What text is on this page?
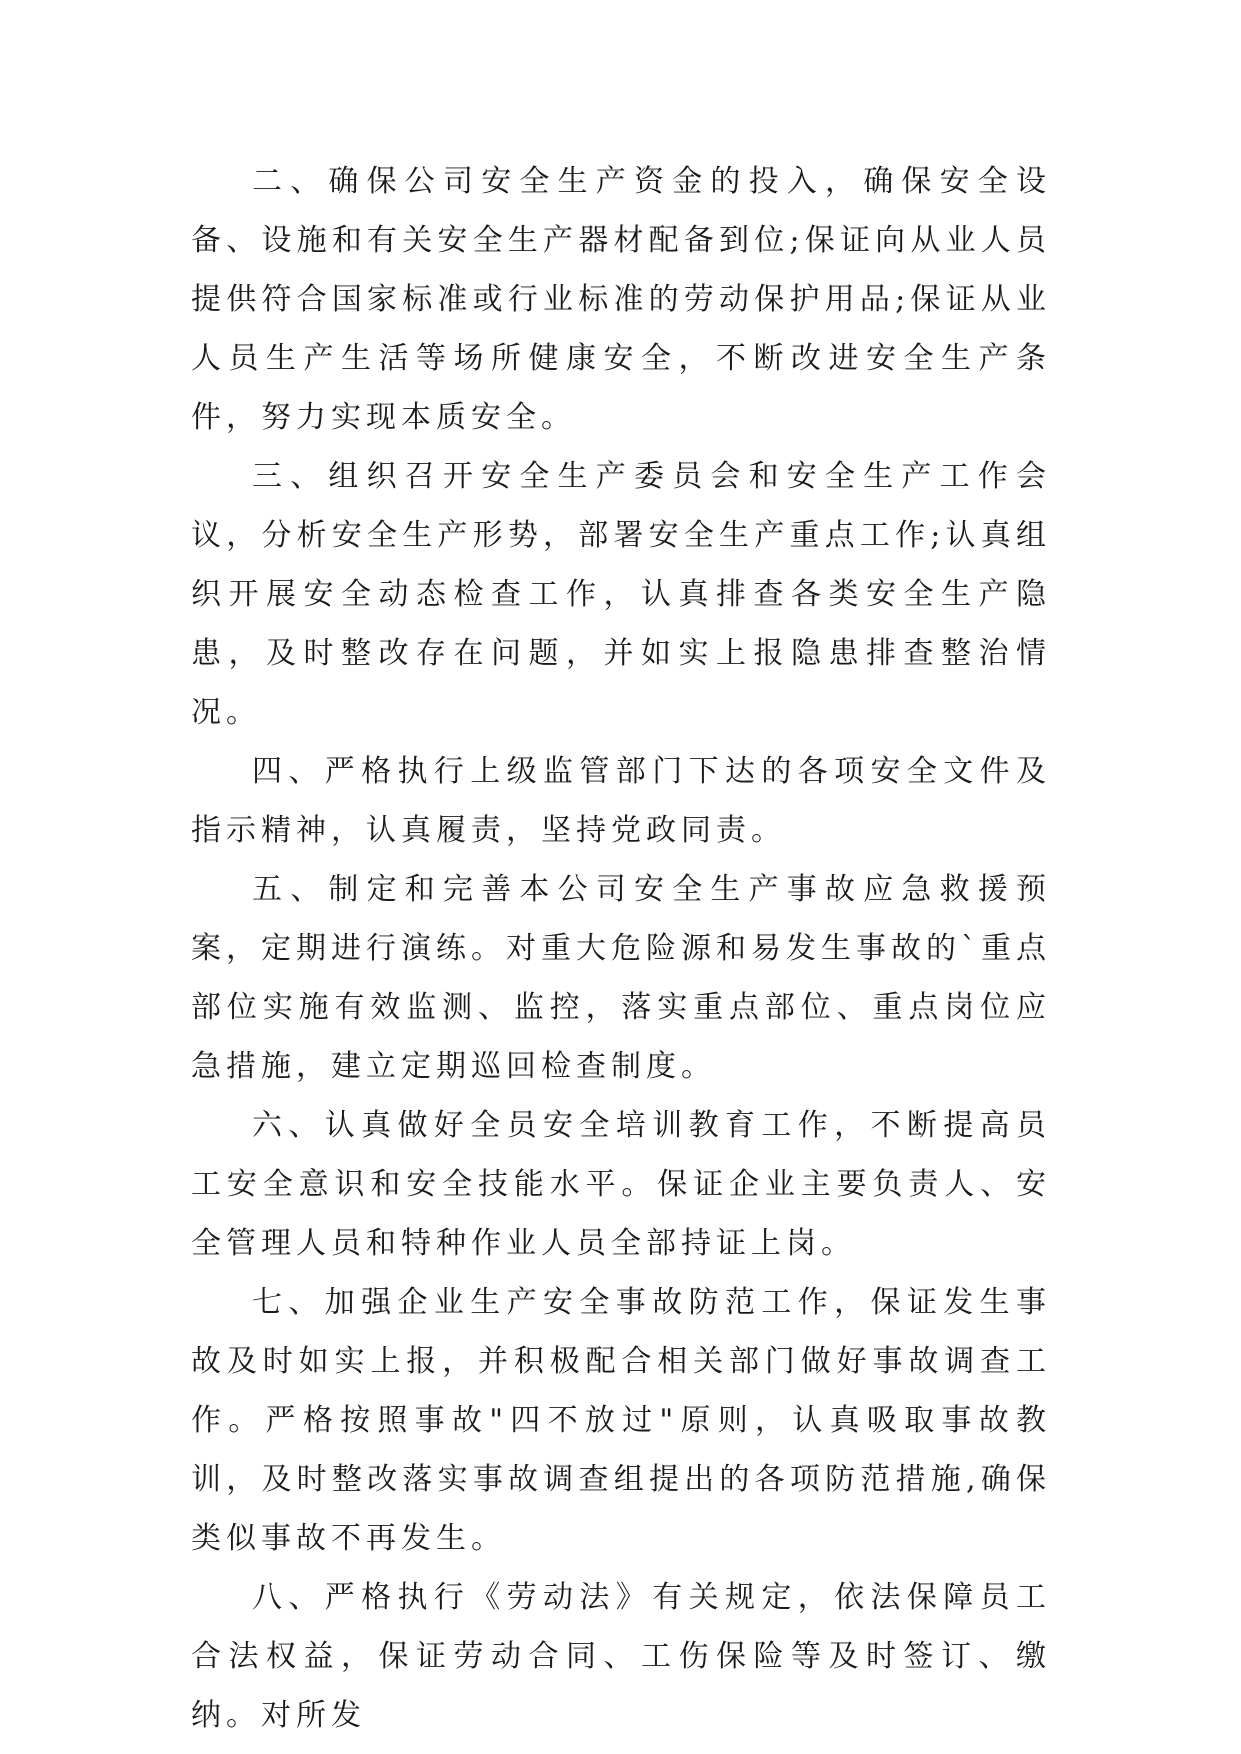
二、确保公司安全生产资金的投入，确保安全设备、设施和有关安全生产器材配备到位;保证向从业人员提供符合国家标准或行业标准的劳动保护用品;保证从业人员生产生活等场所健康安全，不断改进安全生产条件，努力实现本质安全。

三、组织召开安全生产委员会和安全生产工作会议，分析安全生产形势，部署安全生产重点工作;认真组织开展安全动态检查工作，认真排查各类安全生产隐患，及时整改存在问题，并如实上报隐患排查整治情况。

四、严格执行上级监管部门下达的各项安全文件及指示精神，认真履责，坚持党政同责。

五、制定和完善本公司安全生产事故应急救援预案，定期进行演练。对重大危险源和易发生事故的`重点部位实施有效监测、监控，落实重点部位、重点岗位应急措施，建立定期巡回检查制度。

六、认真做好全员安全培训教育工作，不断提高员工安全意识和安全技能水平。保证企业主要负责人、安全管理人员和特种作业人员全部持证上岗。

七、加强企业生产安全事故防范工作，保证发生事故及时如实上报，并积极配合相关部门做好事故调查工作。严格按照事故"四不放过"原则，认真吸取事故教训，及时整改落实事故调查组提出的各项防范措施,确保类似事故不再发生。

八、严格执行《劳动法》有关规定，依法保障员工合法权益，保证劳动合同、工伤保险等及时签订、缴纳。对所发
